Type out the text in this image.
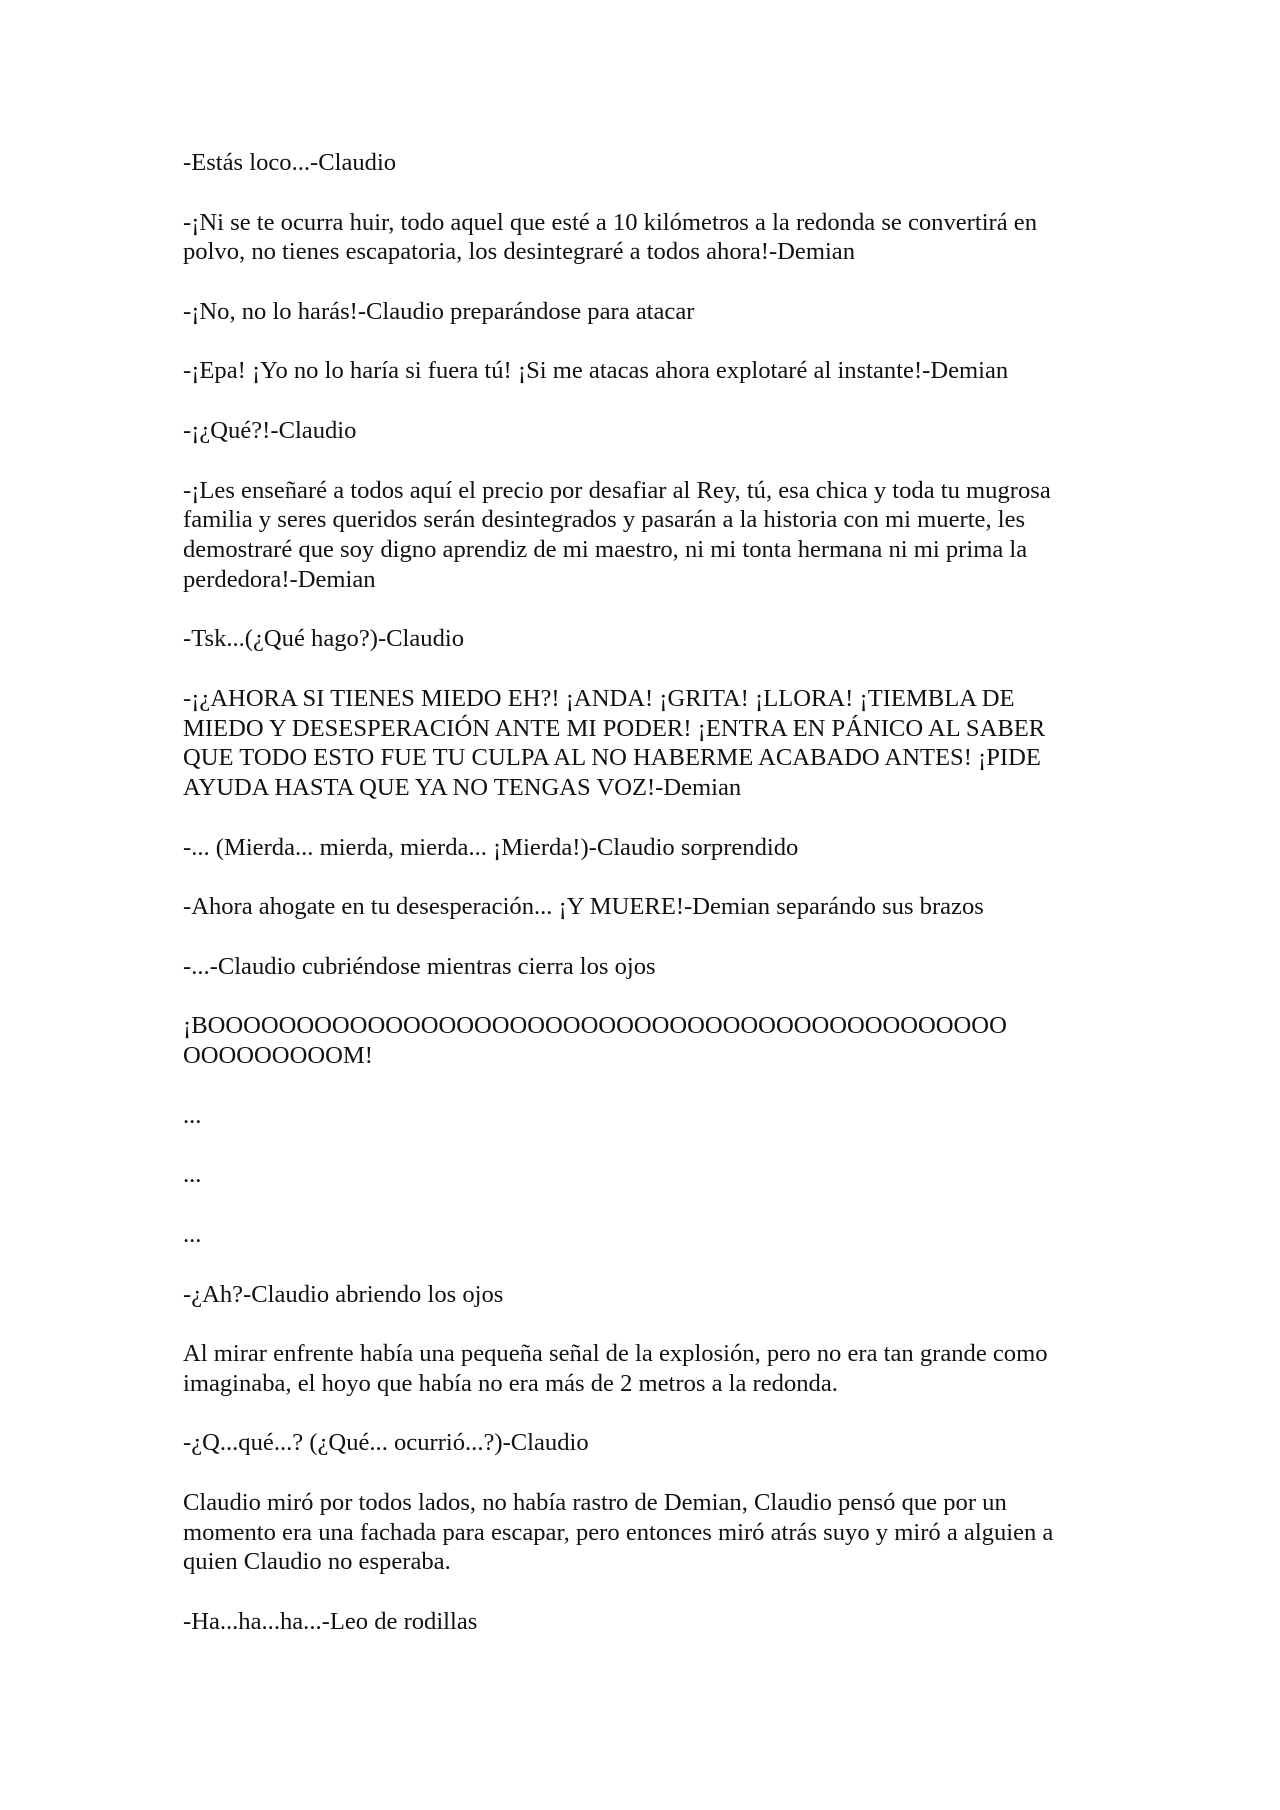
-Estás loco...-Claudio

-¡Ni se te ocurra huir, todo aquel que esté a 10 kilómetros a la redonda se convertirá en
polvo, no tienes escapatoria, los desintegraré a todos ahora!-Demian

-¡No, no lo harás!-Claudio preparándose para atacar

-¡Epa! ¡Yo no lo haría si fuera tú! ¡Si me atacas ahora explotaré al instante!-Demian

-¡¿Qué?!-Claudio

-¡Les enseñaré a todos aquí el precio por desafiar al Rey, tú, esa chica y toda tu mugrosa
familia y seres queridos serán desintegrados y pasarán a la historia con mi muerte, les
demostraré que soy digno aprendiz de mi maestro, ni mi tonta hermana ni mi prima la
perdedora!-Demian

-Tsk...(¿Qué hago?)-Claudio

-¡¿AHORA SI TIENES MIEDO EH?! ¡ANDA! ¡GRITA! ¡LLORA! ¡TIEMBLA DE
MIEDO Y DESESPERACIÓN ANTE MI PODER! ¡ENTRA EN PÁNICO AL SABER
QUE TODO ESTO FUE TU CULPA AL NO HABERME ACABADO ANTES! ¡PIDE
AYUDA HASTA QUE YA NO TENGAS VOZ!-Demian

-... (Mierda... mierda, mierda... ¡Mierda!)-Claudio sorprendido

-Ahora ahogate en tu desesperación... ¡Y MUERE!-Demian separándo sus brazos

-...-Claudio cubriéndose mientras cierra los ojos

¡BOOOOOOOOOOOOOOOOOOOOOOOOOOOOOOOOOOOOOOOOOOOOO
OOOOOOOOOM!

...

...

...

-¿Ah?-Claudio abriendo los ojos

Al mirar enfrente había una pequeña señal de la explosión, pero no era tan grande como
imaginaba, el hoyo que había no era más de 2 metros a la redonda.

-¿Q...qué...? (¿Qué... ocurrió...?)-Claudio

Claudio miró por todos lados, no había rastro de Demian, Claudio pensó que por un
momento era una fachada para escapar, pero entonces miró atrás suyo y miró a alguien a
quien Claudio no esperaba.

-Ha...ha...ha...-Leo de rodillas
